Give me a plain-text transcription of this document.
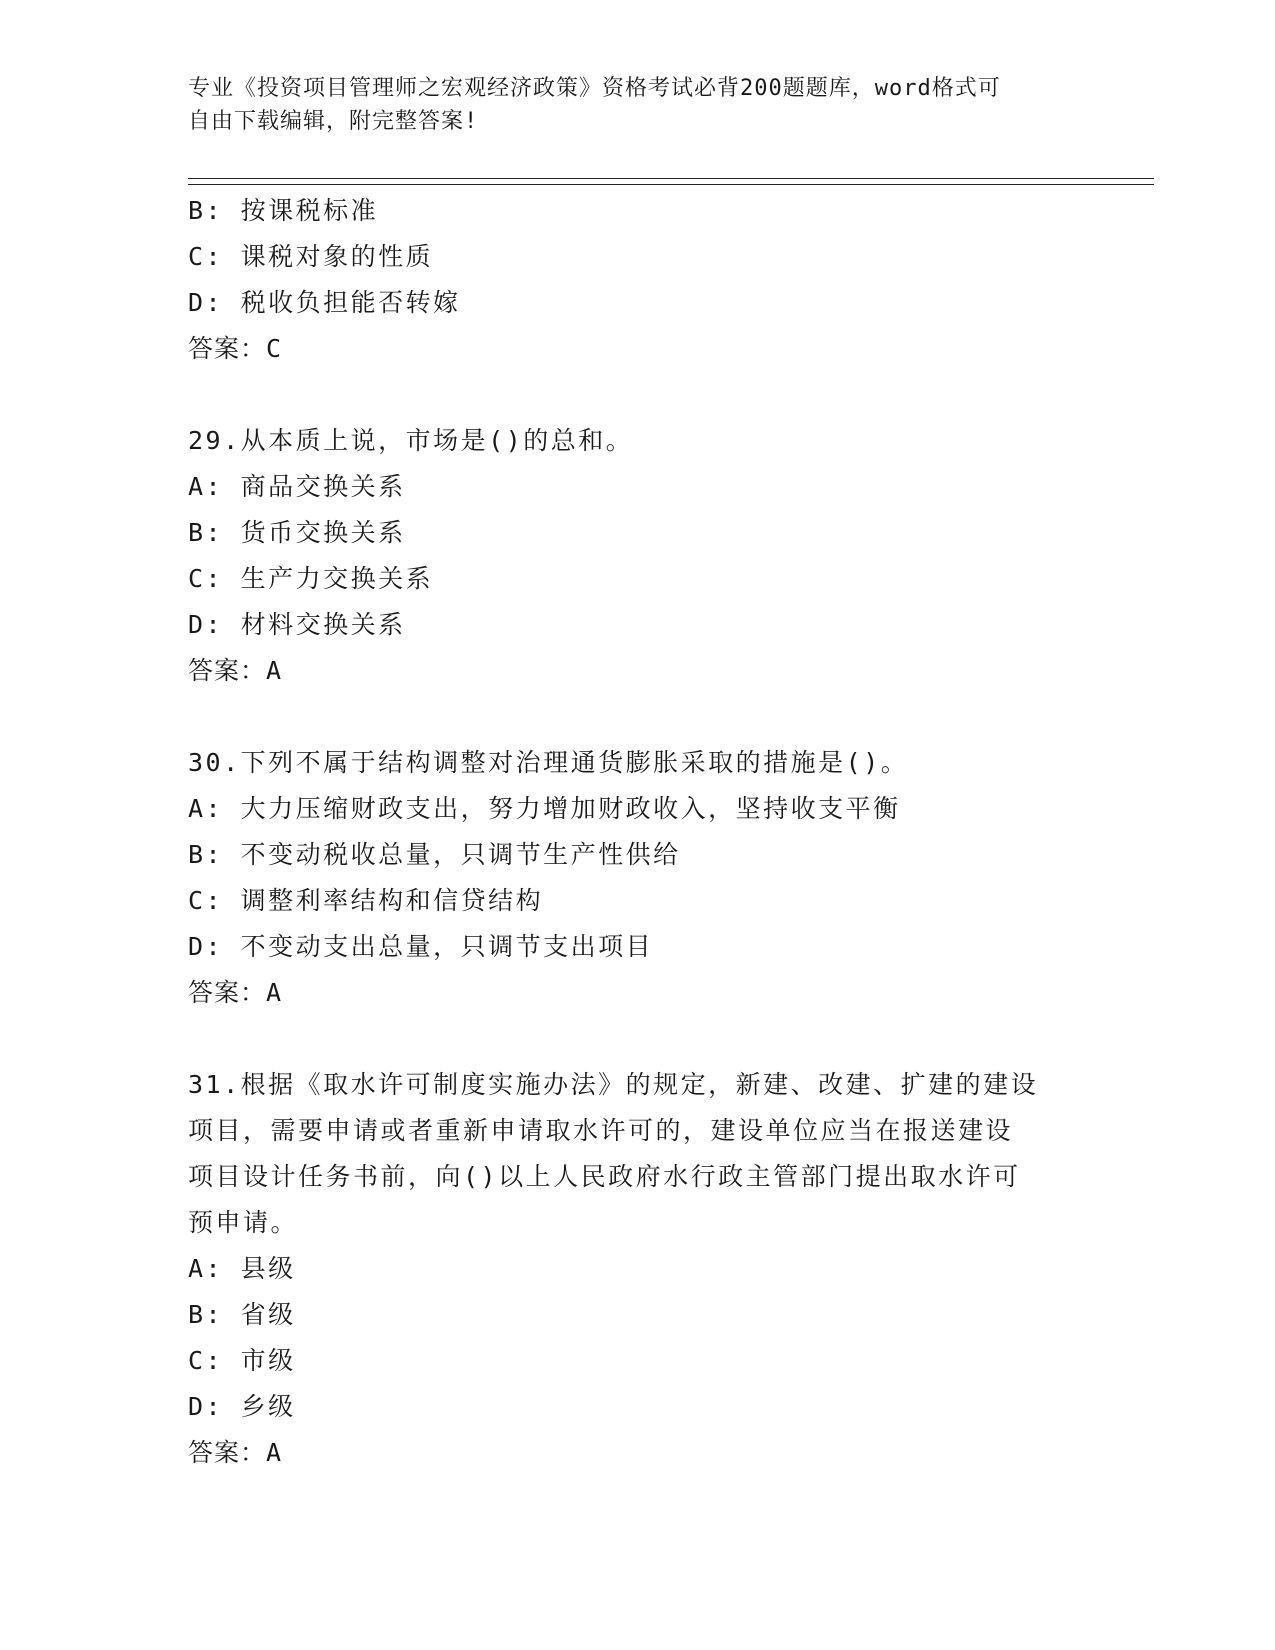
专业《投资项目管理师之宏观经济政策》资格考试必背200题题库，word格式可
自由下载编辑，附完整答案!
B: 按课税标准
C: 课税对象的性质
D: 税收负担能否转嫁
答案：C
29.从本质上说，市场是()的总和。
A: 商品交换关系
B: 货币交换关系
C: 生产力交换关系
D: 材料交换关系
答案：A
30.下列不属于结构调整对治理通货膨胀采取的措施是()。
A: 大力压缩财政支出，努力增加财政收入，坚持收支平衡
B: 不变动税收总量，只调节生产性供给
C: 调整利率结构和信贷结构
D: 不变动支出总量，只调节支出项目
答案：A
31.根据《取水许可制度实施办法》的规定，新建、改建、扩建的建设
项目，需要申请或者重新申请取水许可的，建设单位应当在报送建设
项目设计任务书前，向()以上人民政府水行政主管部门提出取水许可
预申请。
A: 县级
B: 省级
C: 市级
D: 乡级
答案：A
